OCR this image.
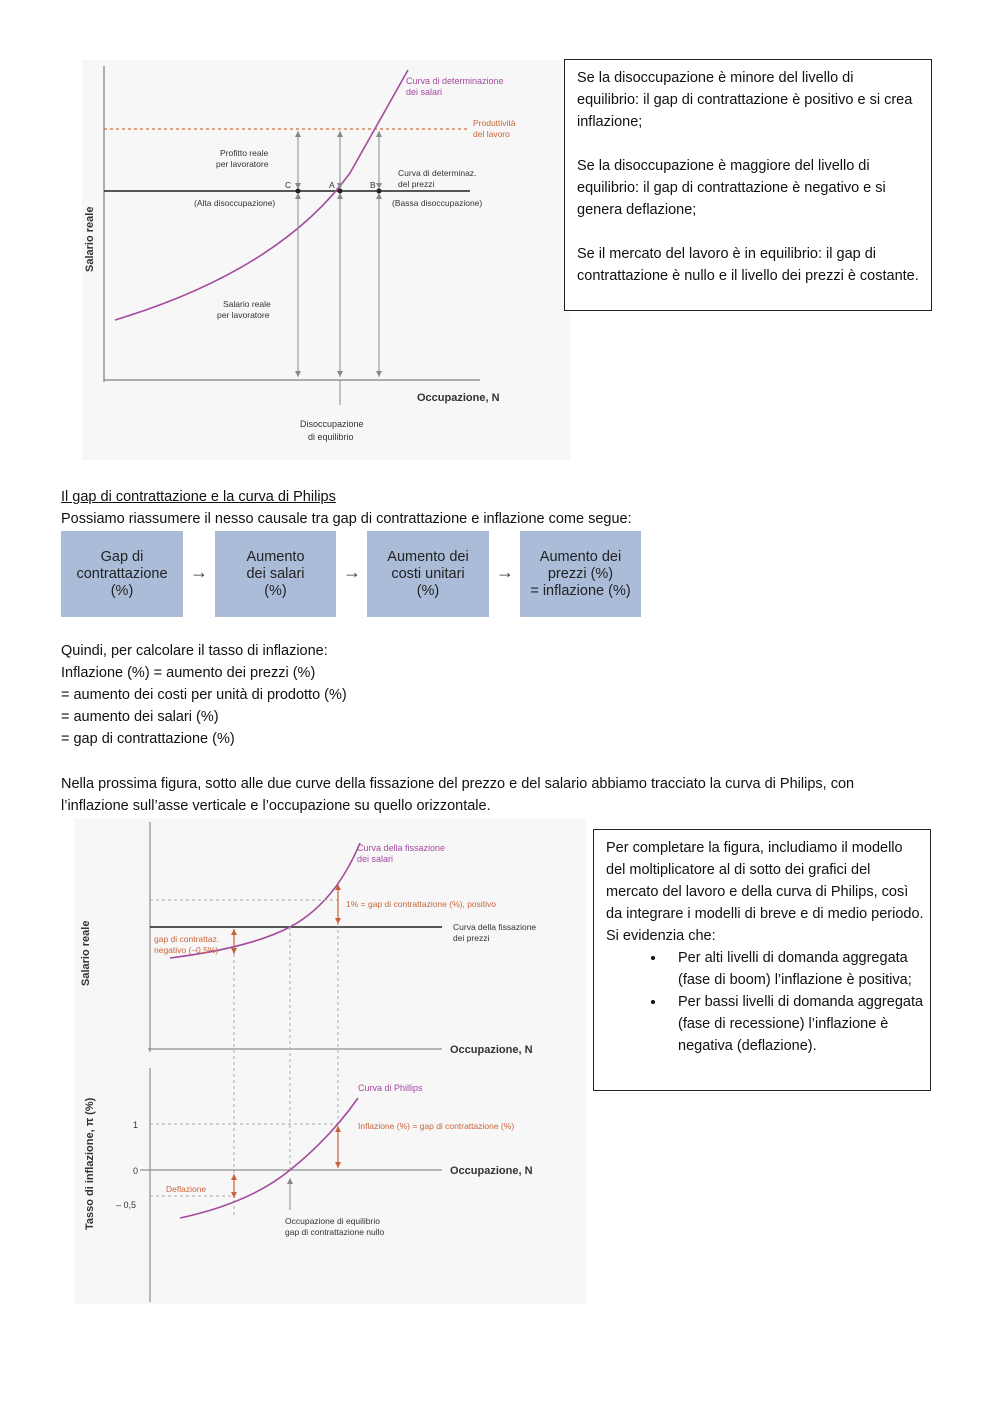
Curva di determinazione
dei salari
Produttività
del lavoro
Profitto reale
per lavoratore
Curva di determinaz.
del prezzi
C	A	B
(Alta disoccupazione)	(Bassa disoccupazione)
Salario reale
Salario reale
per lavoratore
Occupazione, N
Disoccupazione
di equilibrio

Se la disoccupazione è minore del livello di equilibrio: il gap di contrattazione è positivo e si crea inflazione;

Se la disoccupazione è maggiore del livello di equilibrio: il gap di contrattazione è negativo e si genera deflazione;

Se il mercato del lavoro è in equilibrio: il gap di contrattazione è nullo e il livello dei prezzi è costante.

Il gap di contrattazione e la curva di Philips
Possiamo riassumere il nesso causale tra gap di contrattazione e inflazione come segue:
Gap di
contrattazione
(%)
→
Aumento
dei salari
(%)
→
Aumento dei
costi unitari
(%)
→
Aumento dei
prezzi (%)
= inflazione (%)
Quindi, per calcolare il tasso di inflazione:
Inflazione (%) = aumento dei prezzi (%)
= aumento dei costi per unità di prodotto (%)
= aumento dei salari (%)
= gap di contrattazione (%)
Nella prossima figura, sotto alle due curve della fissazione del prezzo e del salario abbiamo tracciato la curva di Philips, con
l’inflazione sull’asse verticale e l’occupazione su quello orizzontale.
Curva della fissazione
dei salari
1% = gap di contrattazione (%), positivo
Curva della fissazione
dei prezzi
gap di contrattaz.
negativo (–0,5%)
Salario reale
Occupazione, N
Curva di Phillips
Tasso di inflazione, π (%)	1
0
– 0,5
Inflazione (%) = gap di contrattazione (%)
Occupazione, N
Deflazione
Occupazione di equilibrio
gap di contrattazione nullo
Per completare la figura, includiamo il modello del moltiplicatore al di sotto dei grafici del mercato del lavoro e della curva di Philips, così da integrare i modelli di breve e di medio periodo.
Si evidenzia che:
• Per alti livelli di domanda aggregata (fase di boom) l’inflazione è positiva;
• Per bassi livelli di domanda aggregata (fase di recessione) l’inflazione è negativa (deflazione).
